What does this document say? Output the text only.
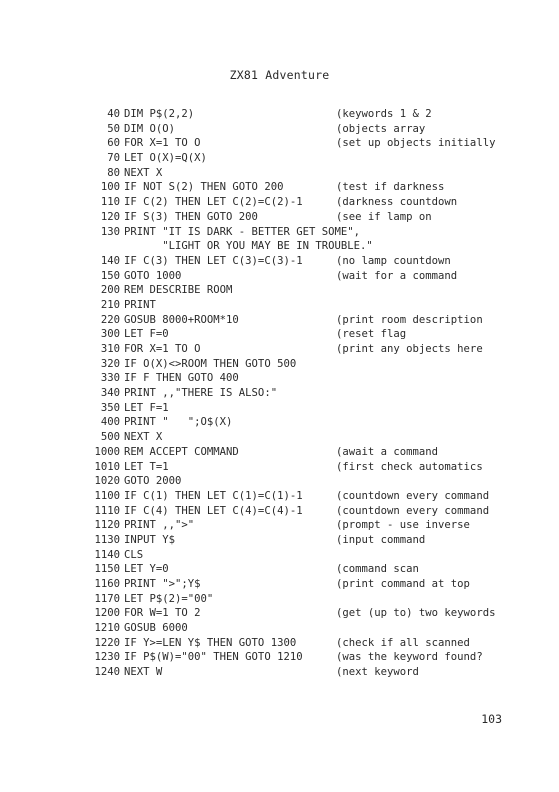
ZX81 Adventure
40 DIM P$(2,2)	(keywords 1 & 2
50 DIM O(O)	(objects array
60 FOR X=1 TO O	(set up objects initially
70 LET O(X)=Q(X)
80 NEXT X
100 IF NOT S(2) THEN GOTO 200	(test if darkness
110 IF C(2) THEN LET C(2)=C(2)-1	(darkness countdown
120 IF S(3) THEN GOTO 200	(see if lamp on
130 PRINT "IT IS DARK - BETTER GET SOME",
"LIGHT OR YOU MAY BE IN TROUBLE."
140 IF C(3) THEN LET C(3)=C(3)-1	(no lamp countdown
150 GOTO 1000	(wait for a command
200 REM DESCRIBE ROOM
210 PRINT
220 GOSUB 8000+ROOM*10	(print room description
300 LET F=0	(reset flag
310 FOR X=1 TO O	(print any objects here
320 IF O(X)<>ROOM THEN GOTO 500
330 IF F THEN GOTO 400
340 PRINT ,,"THERE IS ALSO:"
350 LET F=1
400 PRINT "   ";O$(X)
500 NEXT X
1000 REM ACCEPT COMMAND	(await a command
1010 LET T=1	(first check automatics
1020 GOTO 2000
1100 IF C(1) THEN LET C(1)=C(1)-1	(countdown every command
1110 IF C(4) THEN LET C(4)=C(4)-1	(countdown every command
1120 PRINT ,,">"	(prompt - use inverse
1130 INPUT Y$	(input command
1140 CLS
1150 LET Y=0	(command scan
1160 PRINT ">";Y$	(print command at top
1170 LET P$(2)="00"
1200 FOR W=1 TO 2	(get (up to) two keywords
1210 GOSUB 6000
1220 IF Y>=LEN Y$ THEN GOTO 1300	(check if all scanned
1230 IF P$(W)="00" THEN GOTO 1210	(was the keyword found?
1240 NEXT W	(next keyword
103
